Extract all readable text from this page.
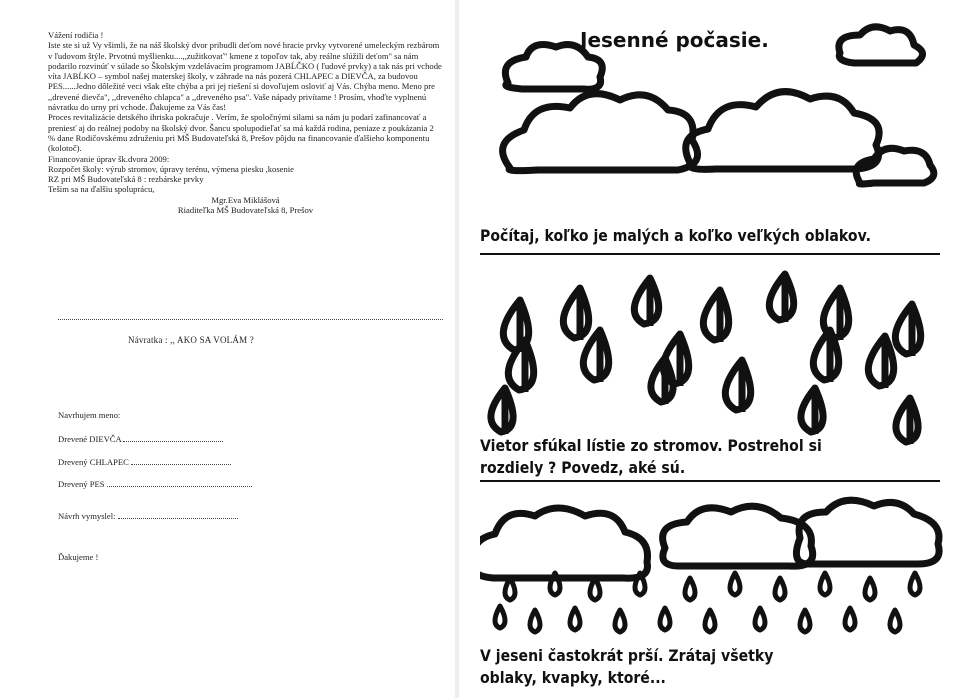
Vážení rodičia !

Iste ste si už Vy všimli, že na náš školský dvor pribudli deťom nové hracie prvky vytvorené umeleckým rezbárom v ľudovom štýle. Prvotnú myšlienku....,,zužitkovať" kmene z topoľov tak, aby reálne slúžili deťom" sa nám podarilo rozvinúť v súlade so Školským vzdelávacím programom JABĹČKO ( ľudové prvky) a tak nás pri vchode víta JABĹKO – symbol našej materskej školy, v záhrade na nás pozerá CHLAPEC a DIEVČA, za budovou PES......Jedno dôležité veci však ešte chýba a pri jej riešení si dovoľujem osloviť aj Vás. Chýba meno. Meno pre ,,drevené dievča", ,,dreveného chlapca" a ,,dreveného psa". Vaše nápady privítame ! Prosím, vhoďte vyplnenú návratku do urny pri vchode. Ďakujeme za Vás čas!

Proces revitalizácie detského ihriska pokračuje . Verím, že spoločnými silami sa nám ju podarí zafinancovať a preniesť aj do reálnej podoby na školský dvor. Šancu spolupodieľať sa má každá rodina, peniaze z poukázania 2 % dane Rodičovskému združeniu pri MŠ Budovateľská 8, Prešov pôjdu na financovanie ďalšieho komponentu (kolotoč).

Financovanie úprav šk.dvora 2009:

Rozpočet školy: výrub stromov, úpravy terénu, výmena piesku ,kosenie

RZ pri MŠ Budovateľská 8 : rezbárske prvky

Teším sa na ďalšiu spoluprácu,

Mgr.Eva Miklášová

Riaditeľka MŠ Budovateľská 8, Prešov

Návratka : ,, AKO SA VOLÁM ?
Navrhujem meno:
Drevené DIEVČA
Drevený CHLAPEC
Drevený PES
Návrh vymyslel:
Ďakujeme !
Jesenné počasie.
Počítaj, koľko je malých a koľko veľkých oblakov.
Vietor sfúkal lístie zo stromov. Postrehol si
rozdiely ? Povedz, aké sú.
V jeseni častokrát prší. Zrátaj všetky
oblaky, kvapky, ktoré...
